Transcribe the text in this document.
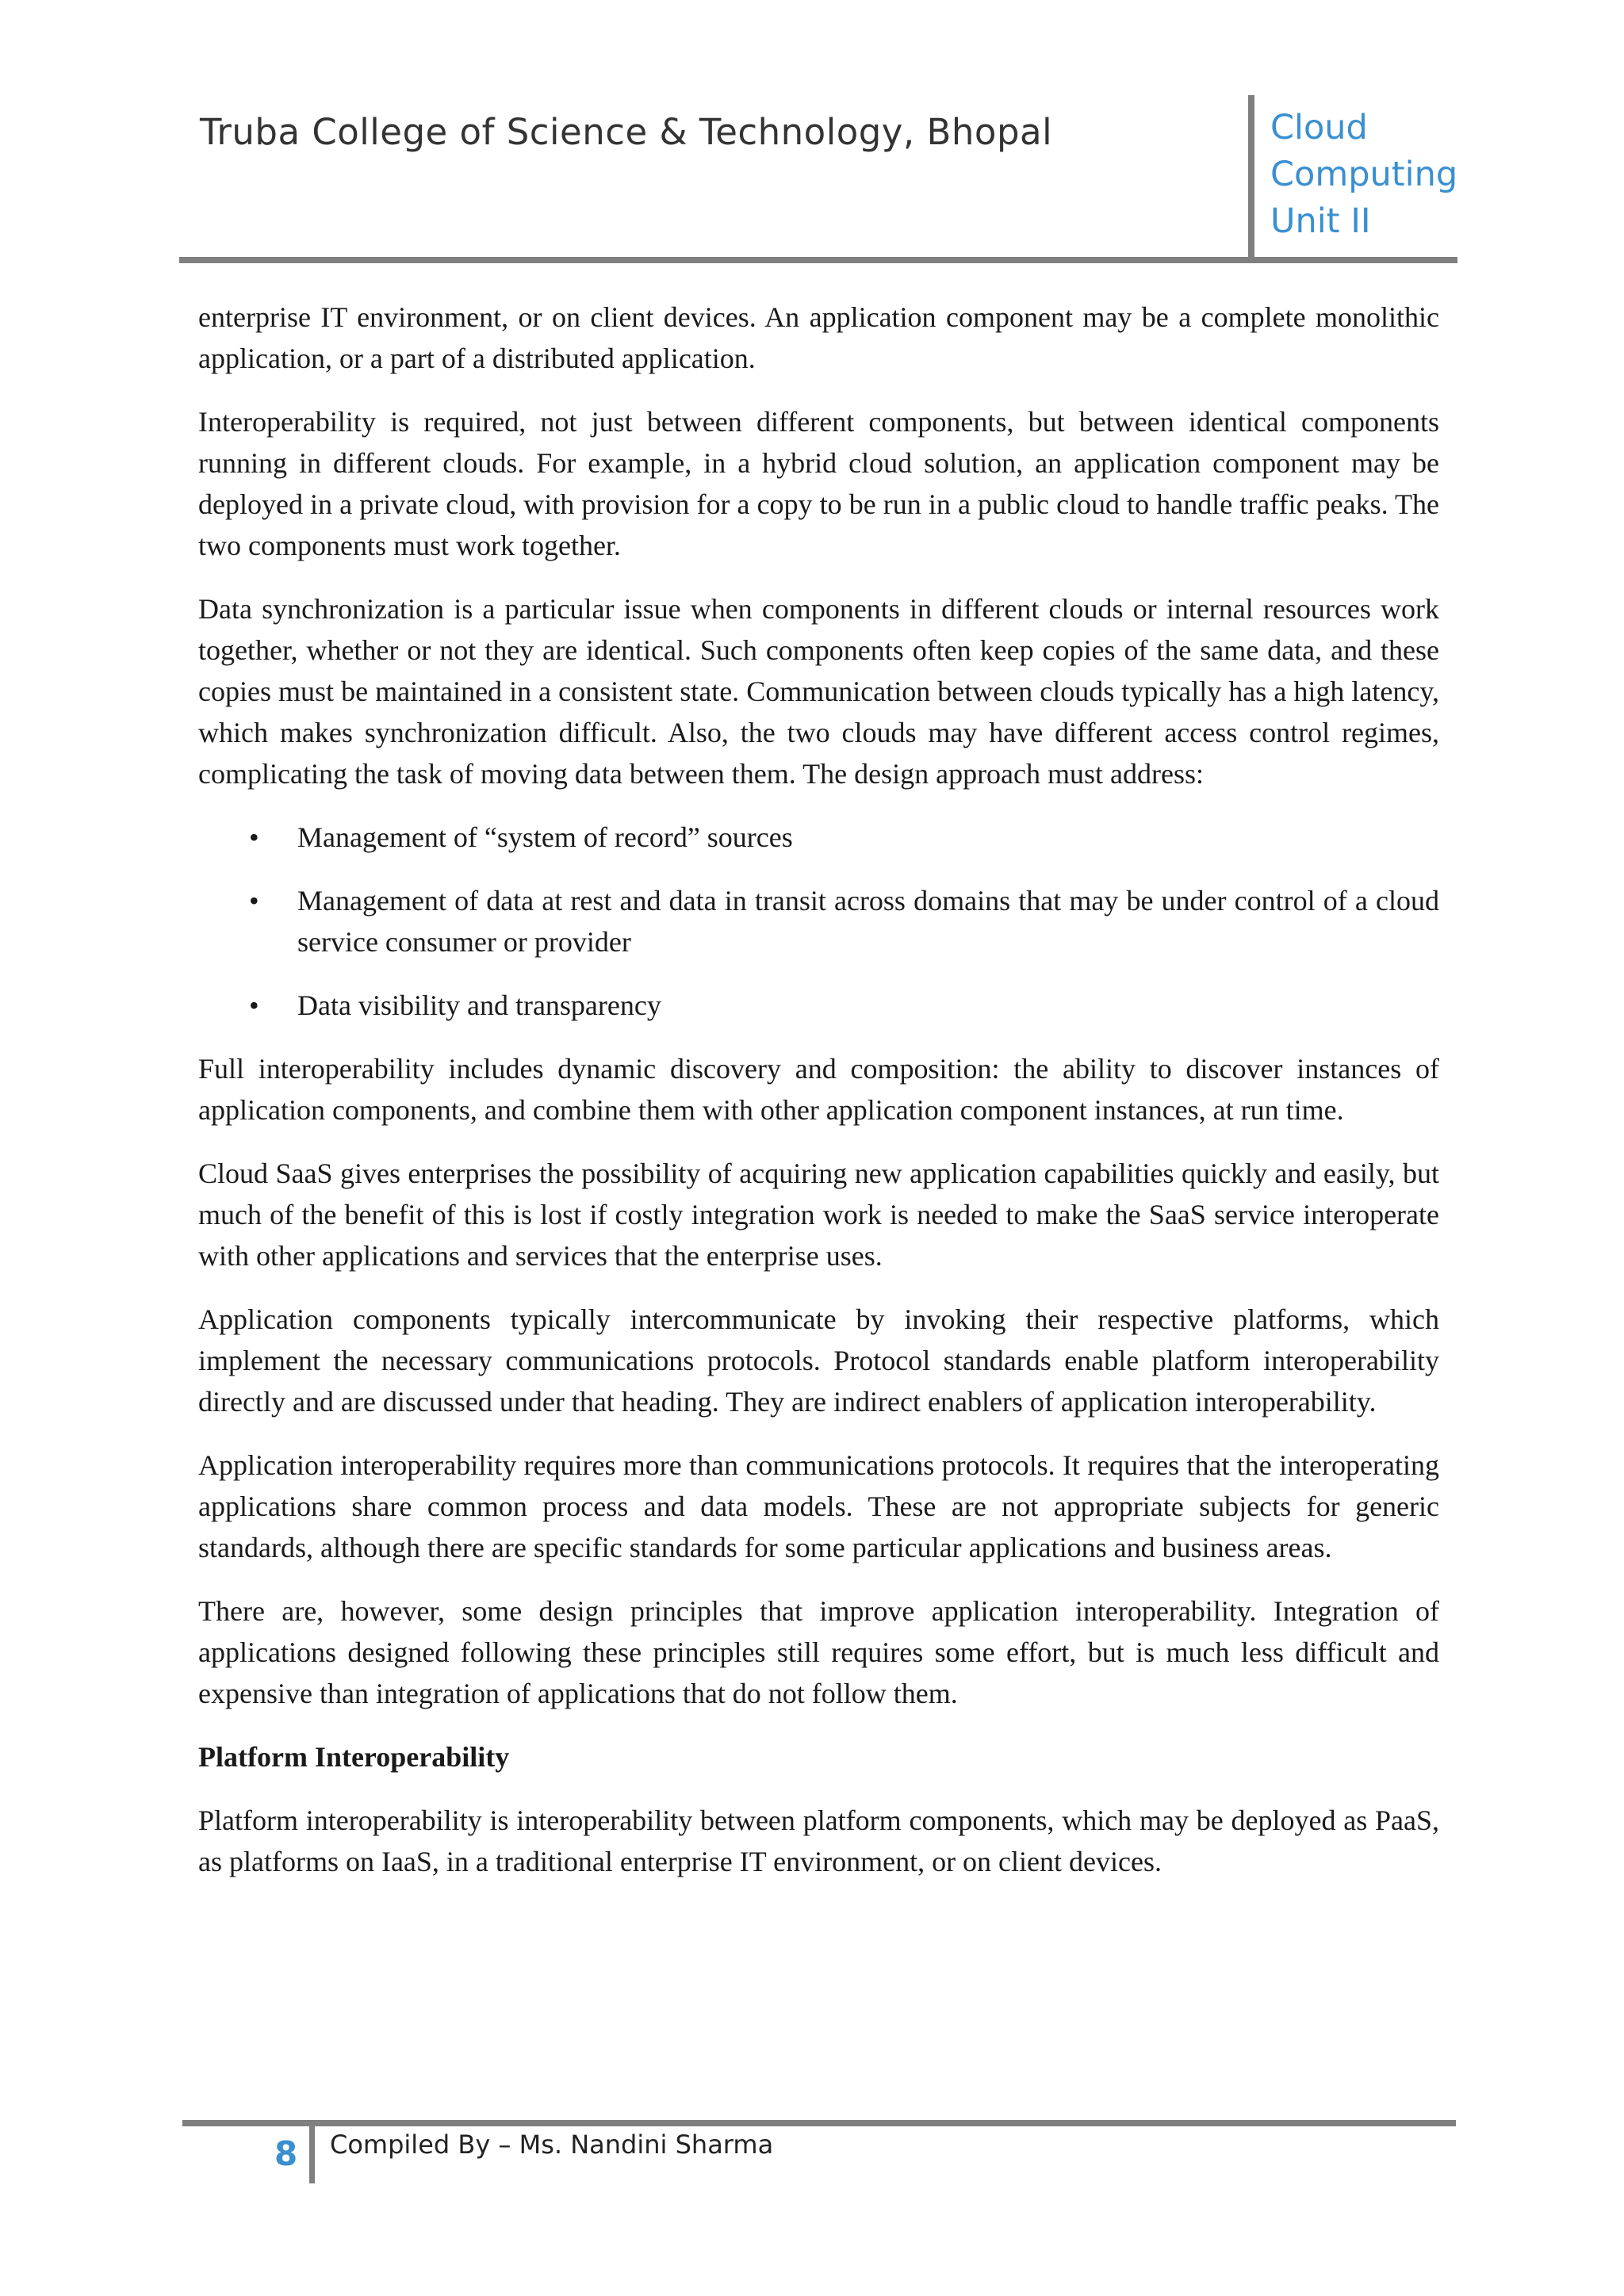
Truba College of Science & Technology, Bhopal	Cloud
Computing
Unit II

enterprise IT environment, or on client devices. An application component may be a complete monolithic application, or a part of a distributed application.

Interoperability is required, not just between different components, but between identical components running in different clouds. For example, in a hybrid cloud solution, an application component may be deployed in a private cloud, with provision for a copy to be run in a public cloud to handle traffic peaks. The two components must work together.

Data synchronization is a particular issue when components in different clouds or internal resources work together, whether or not they are identical. Such components often keep copies of the same data, and these copies must be maintained in a consistent state. Communication between clouds typically has a high latency, which makes synchronization difficult. Also, the two clouds may have different access control regimes, complicating the task of moving data between them. The design approach must address:

• Management of “system of record” sources
• Management of data at rest and data in transit across domains that may be under control of a cloud service consumer or provider
• Data visibility and transparency

Full interoperability includes dynamic discovery and composition: the ability to discover instances of application components, and combine them with other application component instances, at run time.

Cloud SaaS gives enterprises the possibility of acquiring new application capabilities quickly and easily, but much of the benefit of this is lost if costly integration work is needed to make the SaaS service interoperate with other applications and services that the enterprise uses.

Application components typically intercommunicate by invoking their respective platforms, which implement the necessary communications protocols. Protocol standards enable platform interoperability directly and are discussed under that heading. They are indirect enablers of application interoperability.

Application interoperability requires more than communications protocols. It requires that the interoperating applications share common process and data models. These are not appropriate subjects for generic standards, although there are specific standards for some particular applications and business areas.

There are, however, some design principles that improve application interoperability. Integration of applications designed following these principles still requires some effort, but is much less difficult and expensive than integration of applications that do not follow them.

Platform Interoperability

Platform interoperability is interoperability between platform components, which may be deployed as PaaS, as platforms on IaaS, in a traditional enterprise IT environment, or on client devices.

8 Compiled By – Ms. Nandini Sharma
